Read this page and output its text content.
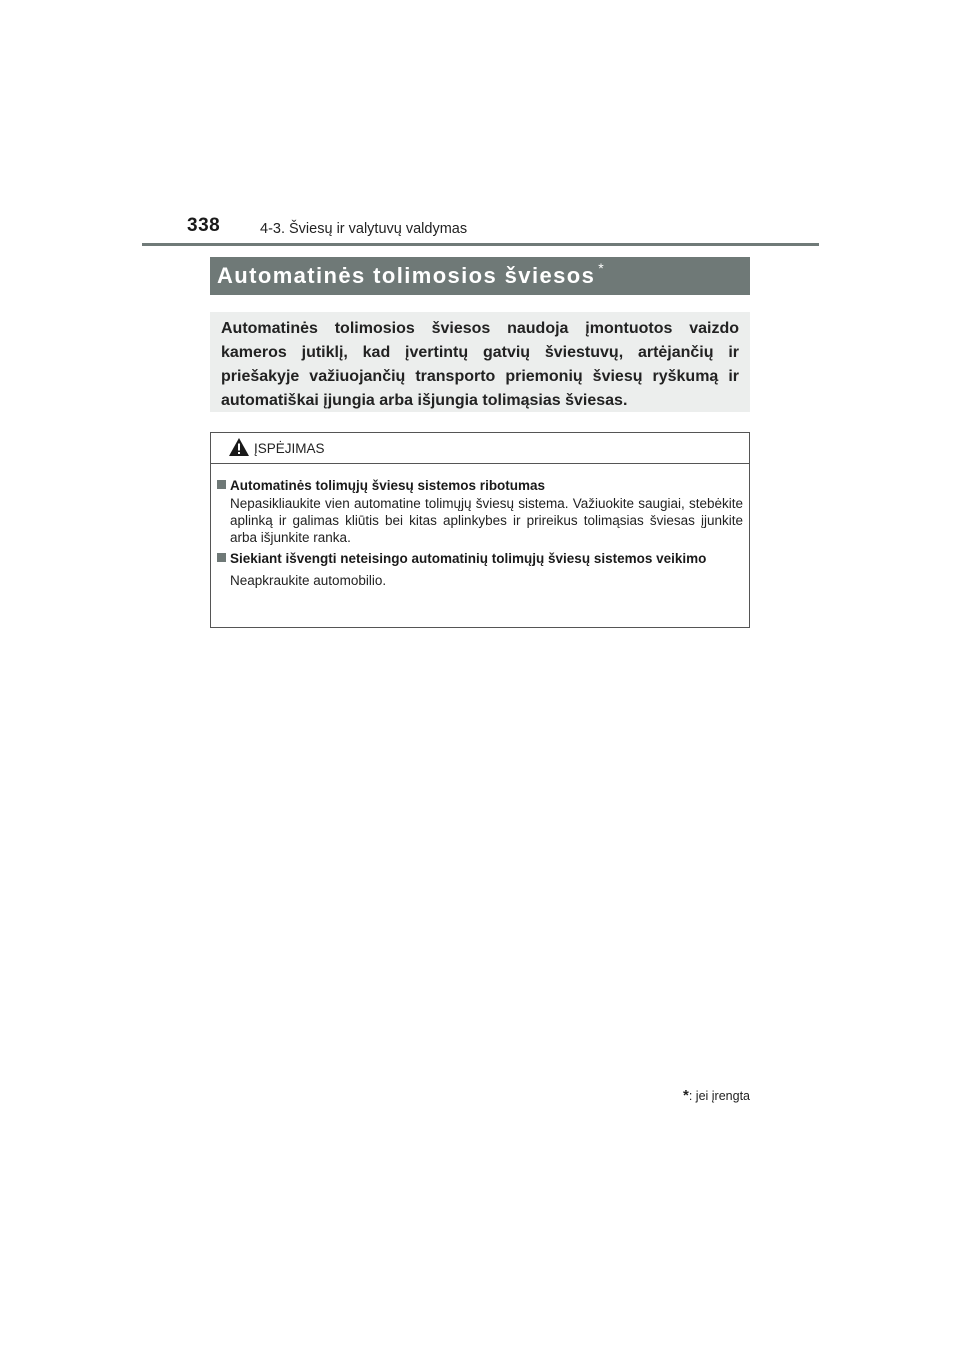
338	4-3. Šviesų ir valytuvų valdymas
Automatinės tolimosios šviesos *

Automatinės tolimosios šviesos naudoja įmontuotos vaizdo kameros jutiklį, kad įvertintų gatvių šviestuvų, artėjančių ir priešakyje važiuojančių transporto priemonių šviesų ryškumą ir automatiškai įjungia arba išjungia tolimąsias šviesas.

ĮSPĖJIMAS

Automatinės tolimųjų šviesų sistemos ribotumas

Nepasikliaukite vien automatine tolimųjų šviesų sistema. Važiuokite saugiai, stebėkite aplinką ir galimas kliūtis bei kitas aplinkybes ir prireikus tolimąsias šviesas įjunkite arba išjunkite ranka.

Siekiant išvengti neteisingo automatinių tolimųjų šviesų sistemos veikimo

Neapkraukite automobilio.

*: jei įrengta
